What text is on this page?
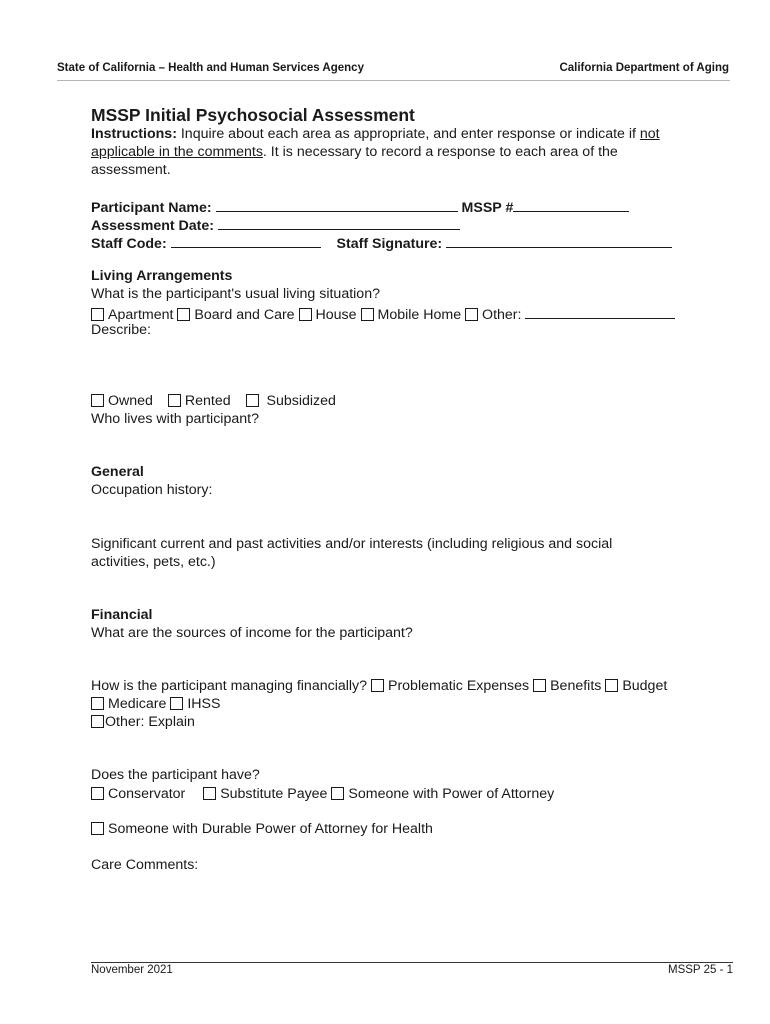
State of California – Health and Human Services Agency	California Department of Aging
MSSP Initial Psychosocial Assessment
Instructions: Inquire about each area as appropriate, and enter response or indicate if not
applicable in the comments. It is necessary to record a response to each area of the
assessment.
Participant Name:	MSSP #
Assessment Date:
Staff Code:	Staff Signature:
Living Arrangements
What is the participant's usual living situation?
Apartment Board and Care House Mobile Home Other:
Describe:
Owned Rented	Subsidized
Who lives with participant?
General
Occupation history:
Significant current and past activities and/or interests (including religious and social
activities, pets, etc.)
Financial
What are the sources of income for the participant?
How is the participant managing financially? Problematic Expenses Benefits Budget
Medicare IHSS
Other: Explain
Does the participant have?
Conservator Substitute Payee Someone with Power of Attorney
Someone with Durable Power of Attorney for Health
Care Comments:
November 2021	MSSP 25 - 1
